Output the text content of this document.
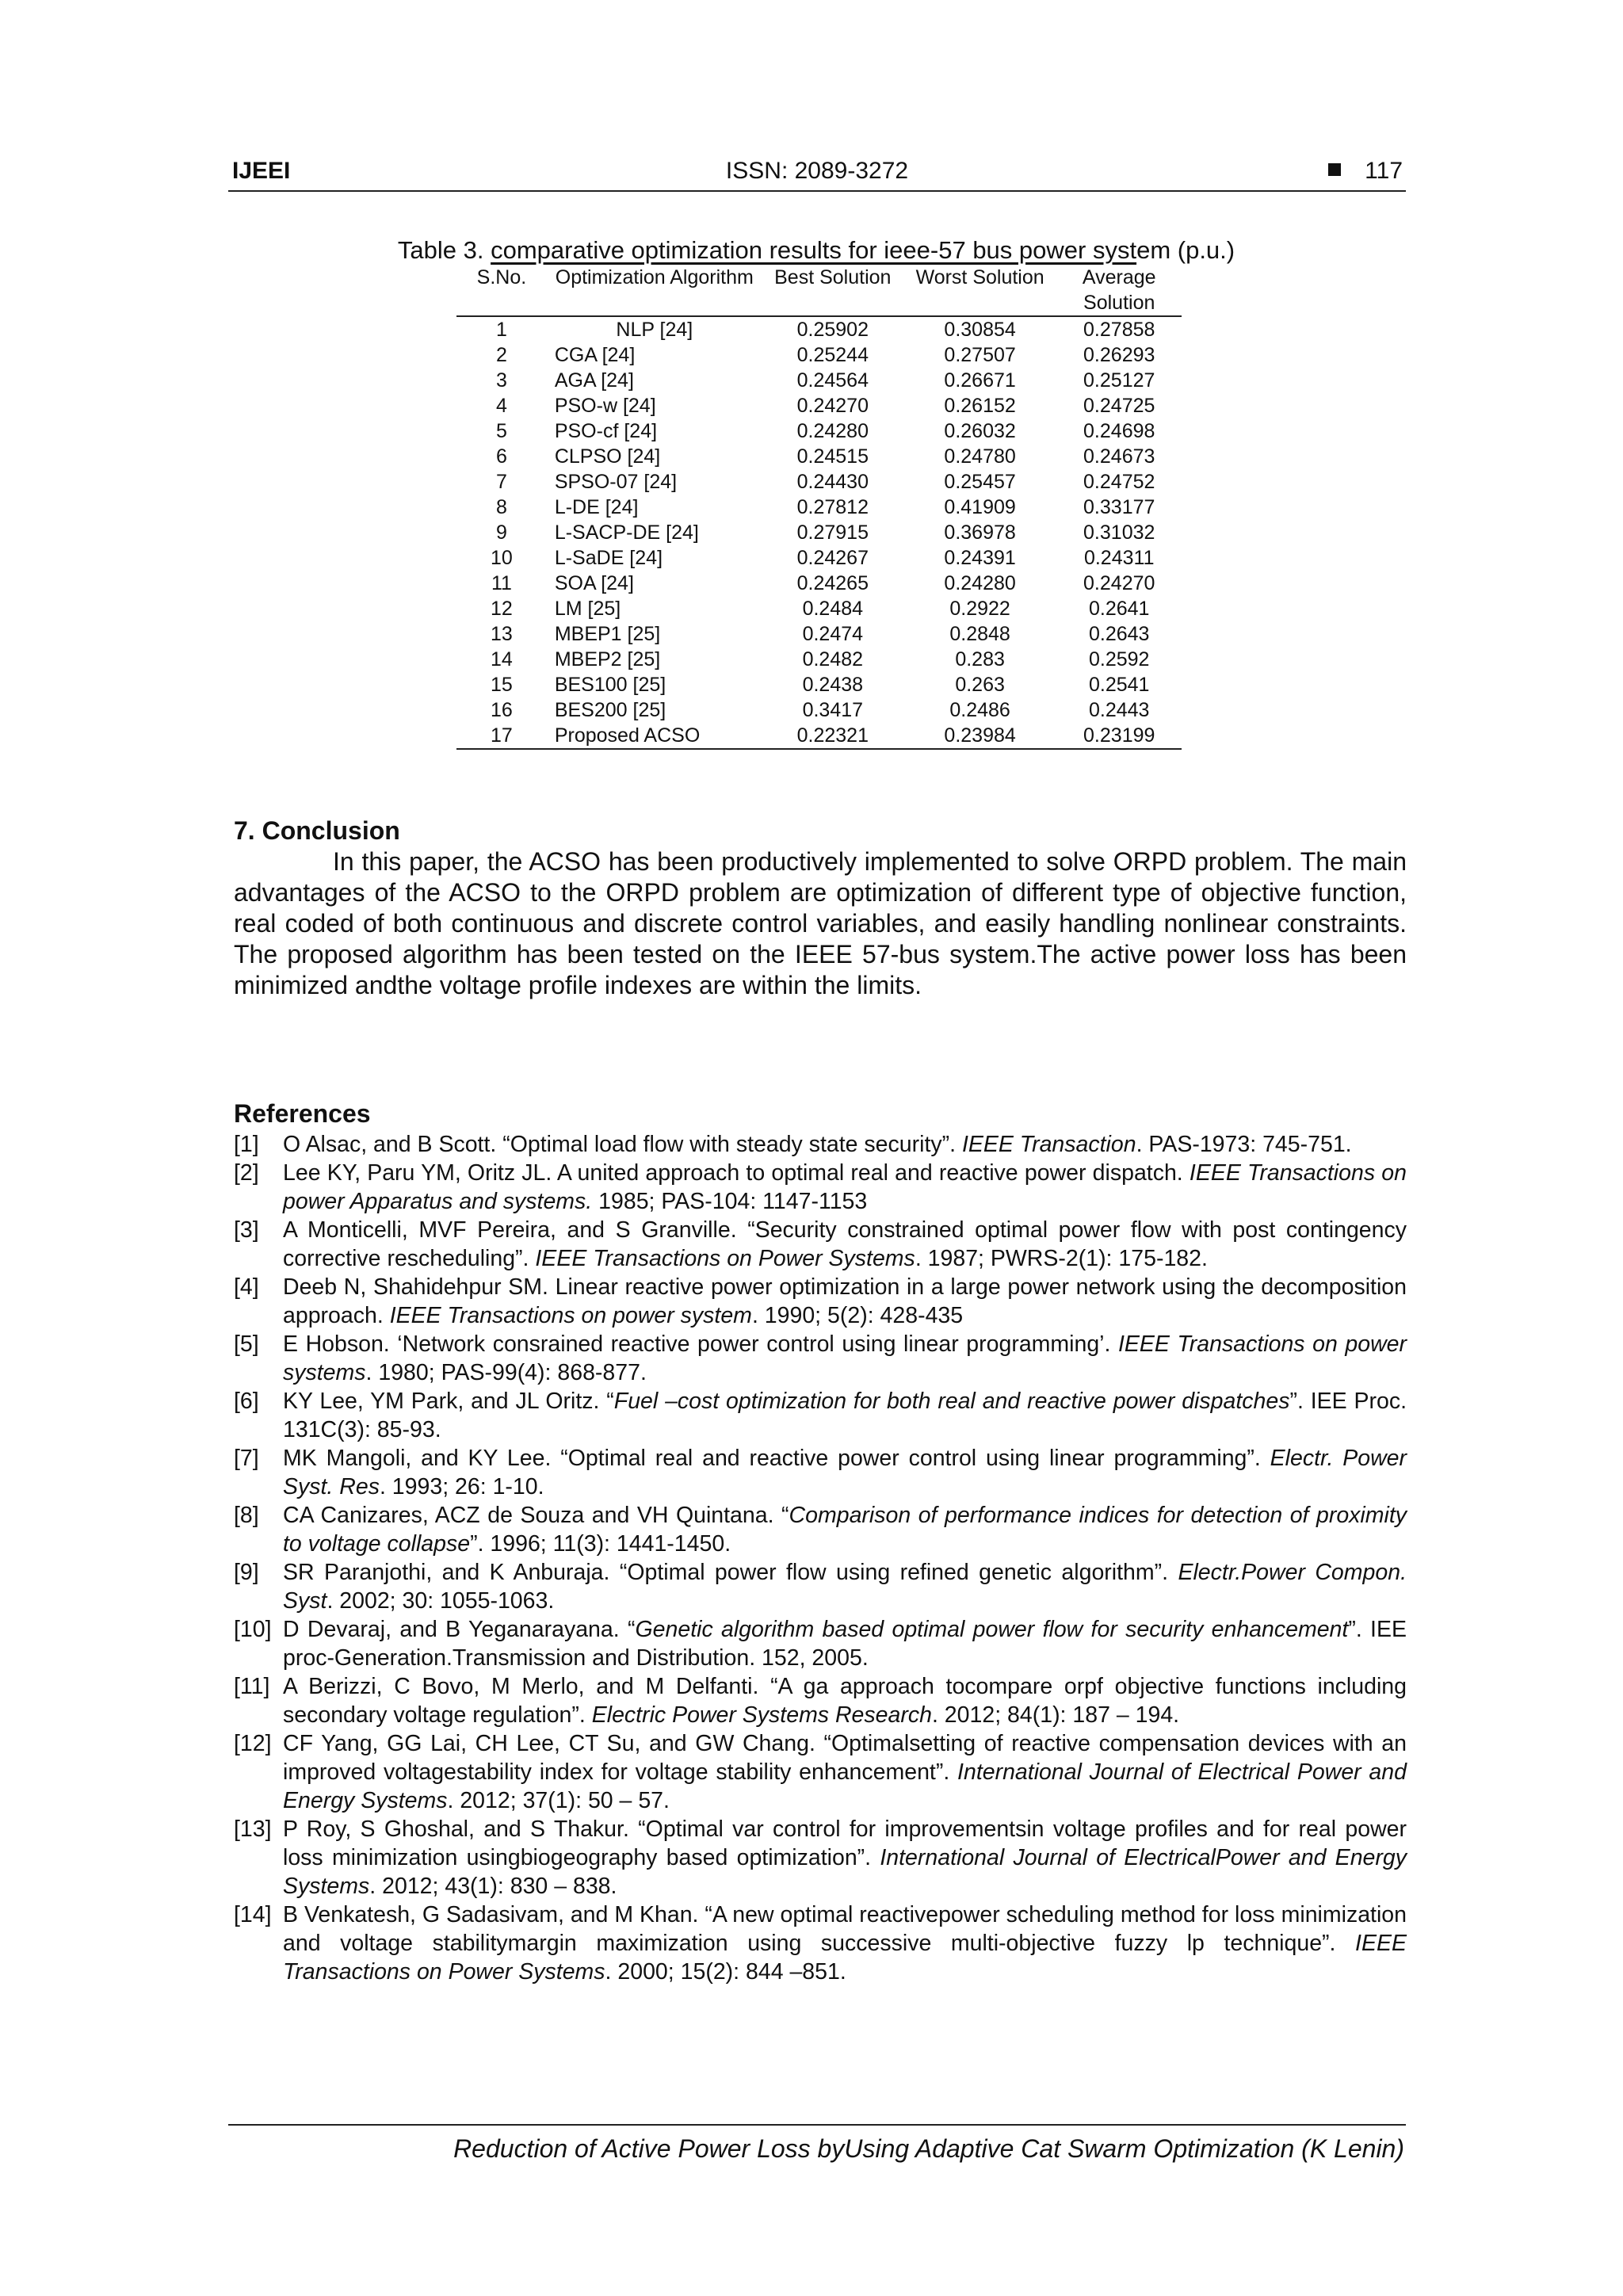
IJEEI	ISSN: 2089-3272	117
Table 3. comparative optimization results for ieee-57 bus power system (p.u.)
S.No.	Optimization Algorithm	Best Solution	Worst Solution	Average Solution
1	NLP [24]	0.25902	0.30854	0.27858
2	CGA [24]	0.25244	0.27507	0.26293
3	AGA [24]	0.24564	0.26671	0.25127
4	PSO-w [24]	0.24270	0.26152	0.24725
5	PSO-cf [24]	0.24280	0.26032	0.24698
6	CLPSO [24]	0.24515	0.24780	0.24673
7	SPSO-07 [24]	0.24430	0.25457	0.24752
8	L-DE [24]	0.27812	0.41909	0.33177
9	L-SACP-DE [24]	0.27915	0.36978	0.31032
10	L-SaDE [24]	0.24267	0.24391	0.24311
11	SOA [24]	0.24265	0.24280	0.24270
12	LM [25]	0.2484	0.2922	0.2641
13	MBEP1 [25]	0.2474	0.2848	0.2643
14	MBEP2 [25]	0.2482	0.283	0.2592
15	BES100 [25]	0.2438	0.263	0.2541
16	BES200 [25]	0.3417	0.2486	0.2443
17	Proposed ACSO	0.22321	0.23984	0.23199
7. Conclusion
In this paper, the ACSO has been productively implemented to solve ORPD problem. The main advantages of the ACSO to the ORPD problem are optimization of different type of objective function, real coded of both continuous and discrete control variables, and easily handling nonlinear constraints. The proposed algorithm has been tested on the IEEE 57-bus system.The active power loss has been minimized andthe voltage profile indexes are within the limits.
References
[1]	O Alsac, and B Scott. “Optimal load flow with steady state security”. IEEE Transaction. PAS-1973: 745-751.
[2]	Lee KY, Paru YM, Oritz JL. A united approach to optimal real and reactive power dispatch. IEEE Transactions on power Apparatus and systems. 1985; PAS-104: 1147-1153
[3]	A Monticelli, MVF Pereira, and S Granville. “Security constrained optimal power flow with post contingency corrective rescheduling”. IEEE Transactions on Power Systems. 1987; PWRS-2(1): 175-182.
[4]	Deeb N, Shahidehpur SM. Linear reactive power optimization in a large power network using the decomposition approach. IEEE Transactions on power system. 1990; 5(2): 428-435
[5]	E Hobson. ‘Network consrained reactive power control using linear programming’. IEEE Transactions on power systems. 1980; PAS-99(4): 868-877.
[6]	KY Lee, YM Park, and JL Oritz. “Fuel –cost optimization for both real and reactive power dispatches”. IEE Proc. 131C(3): 85-93.
[7]	MK Mangoli, and KY Lee. “Optimal real and reactive power control using linear programming”. Electr. Power Syst. Res. 1993; 26: 1-10.
[8]	CA Canizares, ACZ de Souza and VH Quintana. “Comparison of performance indices for detection of proximity to voltage collapse”. 1996; 11(3): 1441-1450.
[9]	SR Paranjothi, and K Anburaja. “Optimal power flow using refined genetic algorithm”. Electr.Power Compon. Syst. 2002; 30: 1055-1063.
[10] D Devaraj, and B Yeganarayana. “Genetic algorithm based optimal power flow for security enhancement”. IEE proc-Generation.Transmission and Distribution. 152, 2005.
[11] A Berizzi, C Bovo, M Merlo, and M Delfanti. “A ga approach tocompare orpf objective functions including secondary voltage regulation”. Electric Power Systems Research. 2012; 84(1): 187 – 194.
[12] CF Yang, GG Lai, CH Lee, CT Su, and GW Chang. “Optimalsetting of reactive compensation devices with an improved voltagestability index for voltage stability enhancement”. International Journal of Electrical Power and Energy Systems. 2012; 37(1): 50 – 57.
[13] P Roy, S Ghoshal, and S Thakur. “Optimal var control for improvementsin voltage profiles and for real power loss minimization usingbiogeography based optimization”. International Journal of ElectricalPower and Energy Systems. 2012; 43(1): 830 – 838.
[14] B Venkatesh, G Sadasivam, and M Khan. “A new optimal reactivepower scheduling method for loss minimization and voltage stabilitymargin maximization using successive multi-objective fuzzy lp technique”. IEEE Transactions on Power Systems. 2000; 15(2): 844 –851.
Reduction of Active Power Loss byUsing Adaptive Cat Swarm Optimization (K Lenin)
